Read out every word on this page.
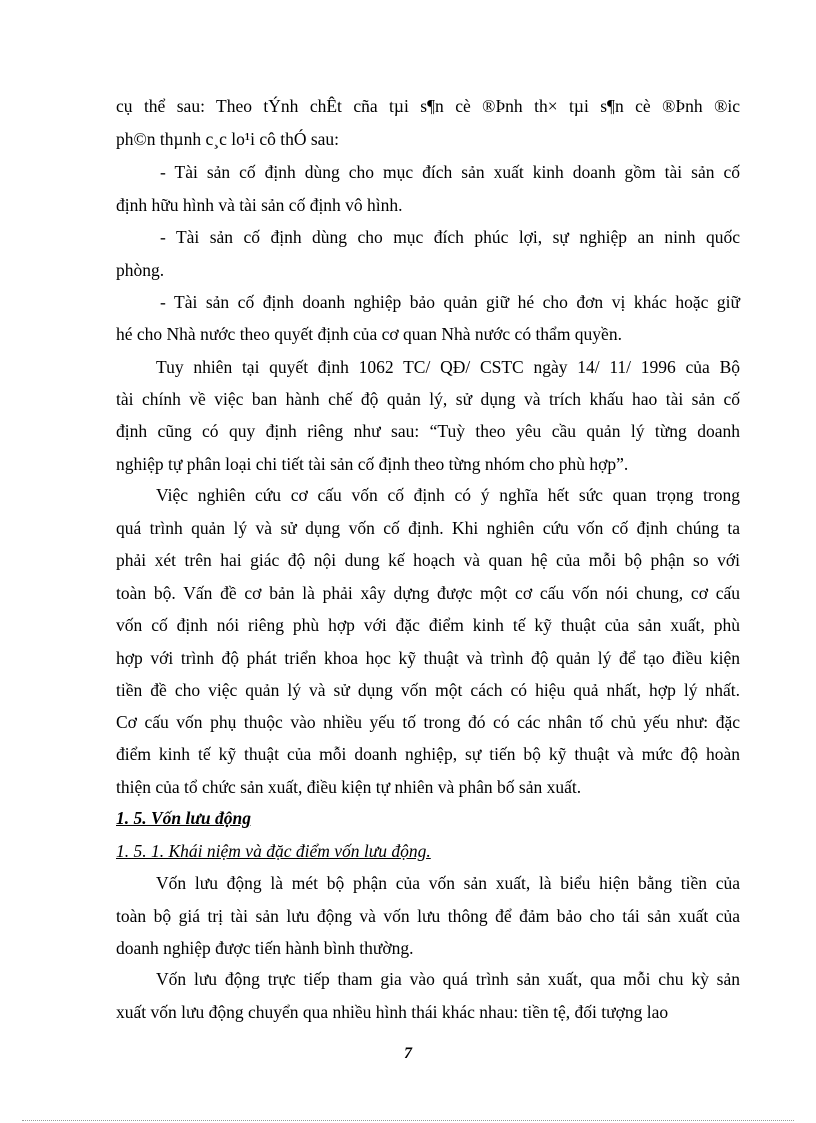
cụ thể sau: Theo tÝnh chÊt cña tµi s¶n cè ®Þnh th× tµi s¶n cè ®Þnh ®ic
ph©n thµnh c¸c lo¹i cô thÓ sau:
- Tài sản cố định dùng cho mục đích sản xuất kinh doanh gồm tài sản cố
định hữu hình và tài sản cố định vô hình.
- Tài sản cố định dùng cho mục đích phúc lợi, sự nghiệp an ninh quốc
phòng.
- Tài sản cố định doanh nghiệp bảo quản giữ hé cho đơn vị khác hoặc giữ
hé cho Nhà nước theo quyết định của cơ quan Nhà nước có thẩm quyền.
Tuy nhiên tại quyết định 1062 TC/ QĐ/ CSTC ngày 14/ 11/ 1996 của Bộ
tài chính về việc ban hành chế độ quản lý, sử dụng và trích khấu hao tài sản cố
định cũng có quy định riêng như sau: “Tuỳ theo yêu cầu quản lý từng doanh
nghiệp tự phân loại chi tiết tài sản cố định theo từng nhóm cho phù hợp”.
Việc nghiên cứu cơ cấu vốn cố định có ý nghĩa hết sức quan trọng trong
quá trình quản lý và sử dụng vốn cố định. Khi nghiên cứu vốn cố định chúng ta
phải xét trên hai giác độ nội dung kế hoạch và quan hệ của mỗi bộ phận so với
toàn bộ. Vấn đề cơ bản là phải xây dựng được một cơ cấu vốn nói chung, cơ cấu
vốn cố định nói riêng phù hợp với đặc điểm kinh tế kỹ thuật của sản xuất, phù
hợp với trình độ phát triển khoa học kỹ thuật và trình độ quản lý để tạo điều kiện
tiền đề cho việc quản lý và sử dụng vốn một cách có hiệu quả nhất, hợp lý nhất.
Cơ cấu vốn phụ thuộc vào nhiều yếu tố trong đó có các nhân tố chủ yếu như: đặc
điểm kinh tế kỹ thuật của mỗi doanh nghiệp, sự tiến bộ kỹ thuật và mức độ hoàn
thiện của tổ chức sản xuất, điều kiện tự nhiên và phân bố sản xuất.
1. 5. Vốn lưu động
1. 5. 1. Khái niệm và đặc điểm vốn lưu động.
Vốn lưu động là mét bộ phận của vốn sản xuất, là biểu hiện bằng tiền của
toàn bộ giá trị tài sản lưu động và vốn lưu thông để đảm bảo cho tái sản xuất của
doanh nghiệp được tiến hành bình thường.
Vốn lưu động trực tiếp tham gia vào quá trình sản xuất, qua mỗi chu kỳ sản
xuất vốn lưu động chuyển qua nhiều hình thái khác nhau: tiền tệ, đối tượng lao
7
